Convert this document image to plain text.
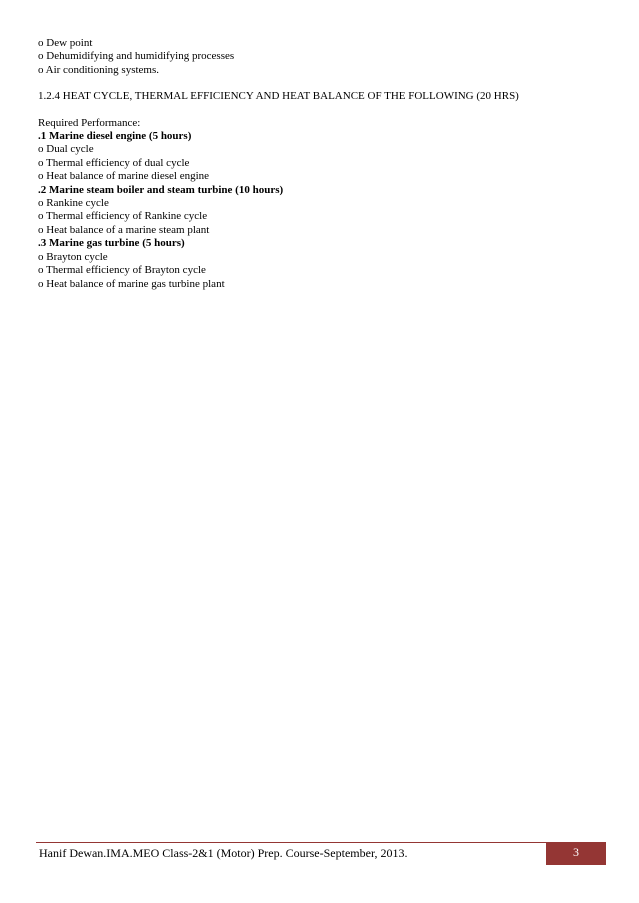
o Dew point
o Dehumidifying and humidifying processes
o Air conditioning systems.
1.2.4 HEAT CYCLE, THERMAL EFFICIENCY AND HEAT BALANCE OF THE FOLLOWING (20 HRS)
Required Performance:
.1 Marine diesel engine (5 hours)
o Dual cycle
o Thermal efficiency of dual cycle
o Heat balance of marine diesel engine
.2 Marine steam boiler and steam turbine (10 hours)
o Rankine cycle
o Thermal efficiency of Rankine cycle
o Heat balance of a marine steam plant
.3 Marine gas turbine (5 hours)
o Brayton cycle
o Thermal efficiency of Brayton cycle
o Heat balance of marine gas turbine plant
Hanif Dewan.IMA.MEO Class-2&1 (Motor) Prep. Course-September, 2013.	3
